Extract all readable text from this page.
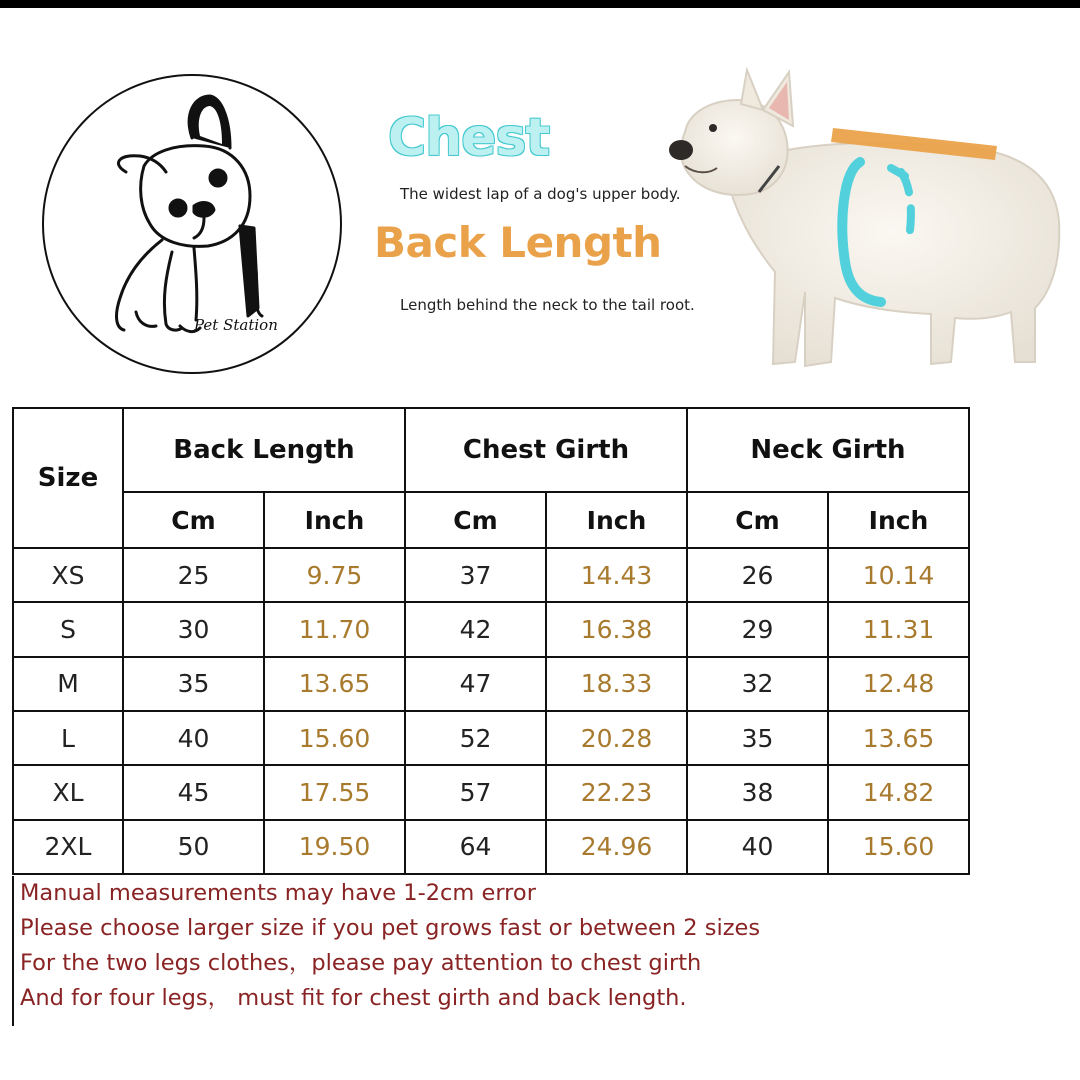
Pet Station
Chest
The widest lap of a dog's upper body.
Back Length
Length behind the neck to the tail root.
Size	Back Length		Chest Girth		Neck Girth	
	Cm	Inch	Cm	Inch	Cm	Inch
XS	25	9.75	37	14.43	26	10.14
S	30	11.70	42	16.38	29	11.31
M	35	13.65	47	18.33	32	12.48
L	40	15.60	52	20.28	35	13.65
XL	45	17.55	57	22.23	38	14.82
2XL	50	19.50	64	24.96	40	15.60
Manual measurements may have 1-2cm error
Please choose larger size if you pet grows fast or between 2 sizes
For the two legs clothes，please pay attention to chest girth
And for four legs， must fit for chest girth and back length.
